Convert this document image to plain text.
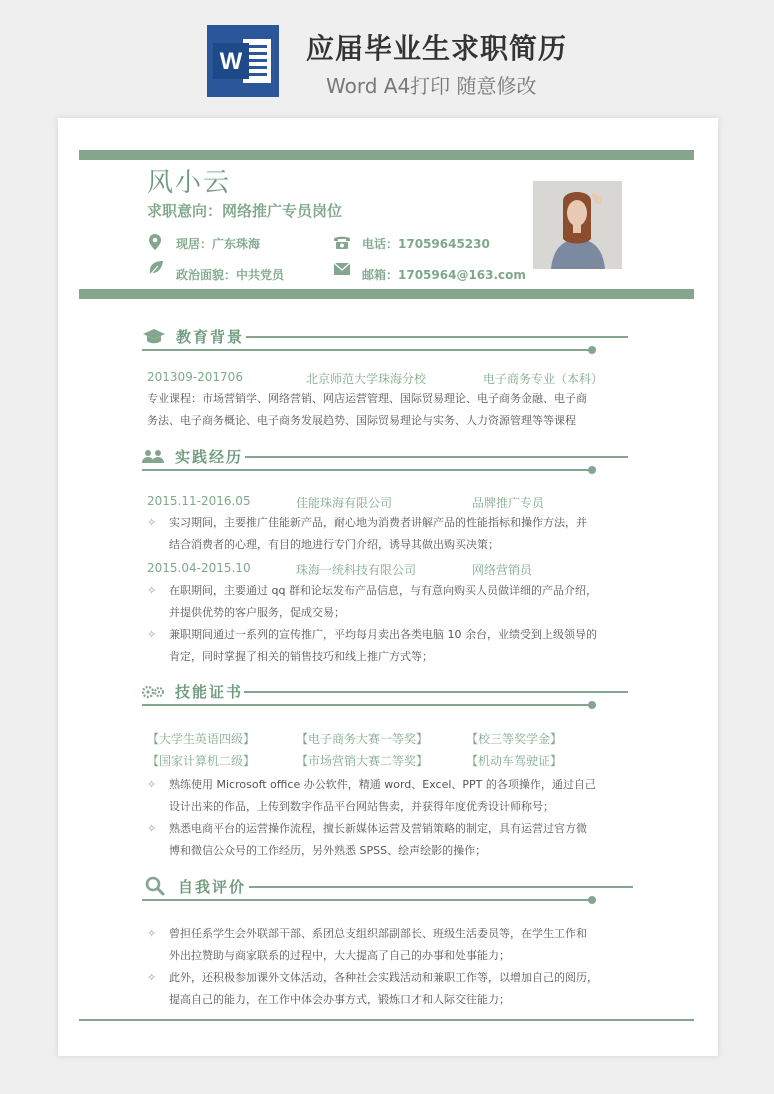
W 应届毕业生求职简历
Word A4打印 随意修改
风小云
求职意向：网络推广专员岗位
现居：广东珠海	电话：17059645230
政治面貌：中共党员	邮箱：1705964@163.com
教育背景
201309-201706	北京师范大学珠海分校	电子商务专业（本科）
专业课程：市场营销学、网络营销、网店运营管理、国际贸易理论、电子商务金融、电子商
务法、电子商务概论、电子商务发展趋势、国际贸易理论与实务、人力资源管理等等课程
实践经历
2015.11-2016.05	佳能珠海有限公司	品牌推广专员
✧ 实习期间，主要推广佳能新产品，耐心地为消费者讲解产品的性能指标和操作方法，并
结合消费者的心理，有目的地进行专门介绍，诱导其做出购买决策；
2015.04-2015.10	珠海一统科技有限公司	网络营销员
✧ 在职期间，主要通过 qq 群和论坛发布产品信息，与有意向购买人员做详细的产品介绍，
并提供优势的客户服务，促成交易；
✧ 兼职期间通过一系列的宣传推广，平均每月卖出各类电脑 10 余台，业绩受到上级领导的
肯定，同时掌握了相关的销售技巧和线上推广方式等；
技能证书
【大学生英语四级】	【电子商务大赛一等奖】	【校三等奖学金】
【国家计算机二级】	【市场营销大赛二等奖】	【机动车驾驶证】
✧ 熟练使用 Microsoft office 办公软件，精通 word、Excel、PPT 的各项操作，通过自己
设计出来的作品，上传到数字作品平台网站售卖，并获得年度优秀设计师称号；
✧ 熟悉电商平台的运营操作流程，擅长新媒体运营及营销策略的制定，具有运营过官方微
博和微信公众号的工作经历，另外熟悉 SPSS、绘声绘影的操作；
自我评价
✧ 曾担任系学生会外联部干部、系团总支组织部副部长、班级生活委员等，在学生工作和
外出拉赞助与商家联系的过程中，大大提高了自己的办事和处事能力；
✧ 此外，还积极参加课外文体活动，各种社会实践活动和兼职工作等，以增加自己的阅历，
提高自己的能力，在工作中体会办事方式，锻炼口才和人际交往能力；
